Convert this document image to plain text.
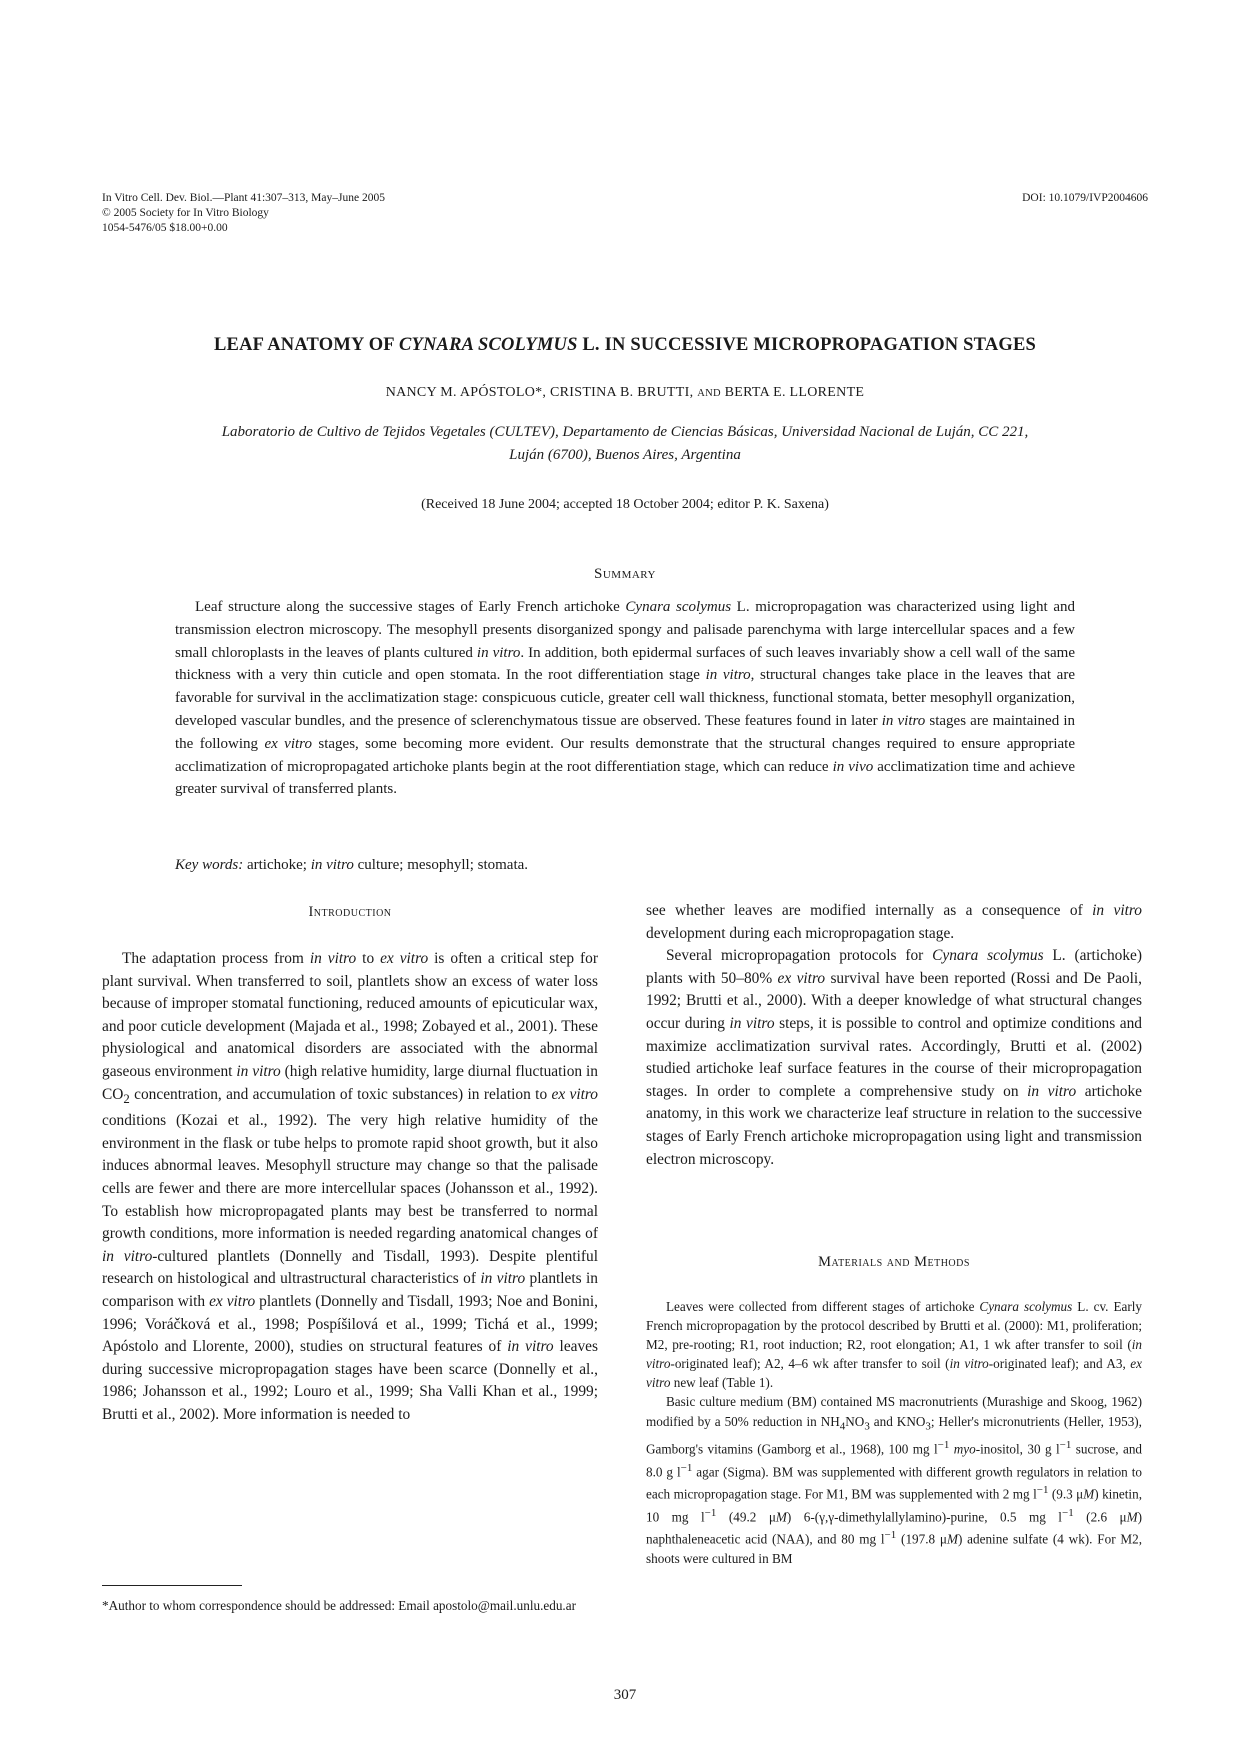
In Vitro Cell. Dev. Biol.—Plant 41:307–313, May–June 2005
© 2005 Society for In Vitro Biology
1054-5476/05 $18.00+0.00
DOI: 10.1079/IVP2004606
LEAF ANATOMY OF CYNARA SCOLYMUS L. IN SUCCESSIVE MICROPROPAGATION STAGES
NANCY M. APÓSTOLO*, CRISTINA B. BRUTTI, AND BERTA E. LLORENTE
Laboratorio de Cultivo de Tejidos Vegetales (CULTEV), Departamento de Ciencias Básicas, Universidad Nacional de Luján, CC 221,
Luján (6700), Buenos Aires, Argentina
(Received 18 June 2004; accepted 18 October 2004; editor P. K. Saxena)
Summary
Leaf structure along the successive stages of Early French artichoke Cynara scolymus L. micropropagation was characterized using light and transmission electron microscopy. The mesophyll presents disorganized spongy and palisade parenchyma with large intercellular spaces and a few small chloroplasts in the leaves of plants cultured in vitro. In addition, both epidermal surfaces of such leaves invariably show a cell wall of the same thickness with a very thin cuticle and open stomata. In the root differentiation stage in vitro, structural changes take place in the leaves that are favorable for survival in the acclimatization stage: conspicuous cuticle, greater cell wall thickness, functional stomata, better mesophyll organization, developed vascular bundles, and the presence of sclerenchymatous tissue are observed. These features found in later in vitro stages are maintained in the following ex vitro stages, some becoming more evident. Our results demonstrate that the structural changes required to ensure appropriate acclimatization of micropropagated artichoke plants begin at the root differentiation stage, which can reduce in vivo acclimatization time and achieve greater survival of transferred plants.
Key words: artichoke; in vitro culture; mesophyll; stomata.
Introduction

The adaptation process from in vitro to ex vitro is often a critical step for plant survival. When transferred to soil, plantlets show an excess of water loss because of improper stomatal functioning, reduced amounts of epicuticular wax, and poor cuticle development (Majada et al., 1998; Zobayed et al., 2001). These physiological and anatomical disorders are associated with the abnormal gaseous environment in vitro (high relative humidity, large diurnal fluctuation in $CO_2$ concentration, and accumulation of toxic substances) in relation to ex vitro conditions (Kozai et al., 1992). The very high relative humidity of the environment in the flask or tube helps to promote rapid shoot growth, but it also induces abnormal leaves. Mesophyll structure may change so that the palisade cells are fewer and there are more intercellular spaces (Johansson et al., 1992). To establish how micropropagated plants may best be transferred to normal growth conditions, more information is needed regarding anatomical changes of in vitro-cultured plantlets (Donnelly and Tisdall, 1993). Despite plentiful research on histological and ultrastructural characteristics of in vitro plantlets in comparison with ex vitro plantlets (Donnelly and Tisdall, 1993; Noe and Bonini, 1996; Voráčková et al., 1998; Pospíšilová et al., 1999; Tichá et al., 1999; Apóstolo and Llorente, 2000), studies on structural features of in vitro leaves during successive micropropagation stages have been scarce (Donnelly et al., 1986; Johansson et al., 1992; Louro et al., 1999; Sha Valli Khan et al., 1999; Brutti et al., 2002). More information is needed to

see whether leaves are modified internally as a consequence of in vitro development during each micropropagation stage.

Several micropropagation protocols for Cynara scolymus L. (artichoke) plants with 50–80% ex vitro survival have been reported (Rossi and De Paoli, 1992; Brutti et al., 2000). With a deeper knowledge of what structural changes occur during in vitro steps, it is possible to control and optimize conditions and maximize acclimatization survival rates. Accordingly, Brutti et al. (2002) studied artichoke leaf surface features in the course of their micropropagation stages. In order to complete a comprehensive study on in vitro artichoke anatomy, in this work we characterize leaf structure in relation to the successive stages of Early French artichoke micropropagation using light and transmission electron microscopy.

Materials and Methods

Leaves were collected from different stages of artichoke Cynara scolymus L. cv. Early French micropropagation by the protocol described by Brutti et al. (2000): M1, proliferation; M2, pre-rooting; R1, root induction; R2, root elongation; A1, 1 wk after transfer to soil (in vitro-originated leaf); A2, 4–6 wk after transfer to soil (in vitro-originated leaf); and A3, ex vitro new leaf (Table 1).

Basic culture medium (BM) contained MS macronutrients (Murashige and Skoog, 1962) modified by a 50% reduction in $NH_4NO_3$ and $KNO_3$; Heller's micronutrients (Heller, 1953), Gamborg's vitamins (Gamborg et al., 1968), 100 mg $l^{-1}$ myo-inositol, 30 g $l^{-1}$ sucrose, and 8.0 g $l^{-1}$ agar (Sigma). BM was supplemented with different growth regulators in relation to each micropropagation stage. For M1, BM was supplemented with 2 mg $l^{-1}$ (9.3 μM) kinetin, 10 mg $l^{-1}$ (49.2 μM) 6-(γ,γ-dimethylallylamino)-purine, 0.5 mg $l^{-1}$ (2.6 μM) naphthaleneacetic acid (NAA), and 80 mg $l^{-1}$ (197.8 μM) adenine sulfate (4 wk). For M2, shoots were cultured in BM

*Author to whom correspondence should be addressed: Email apostolo@mail.unlu.edu.ar
307
